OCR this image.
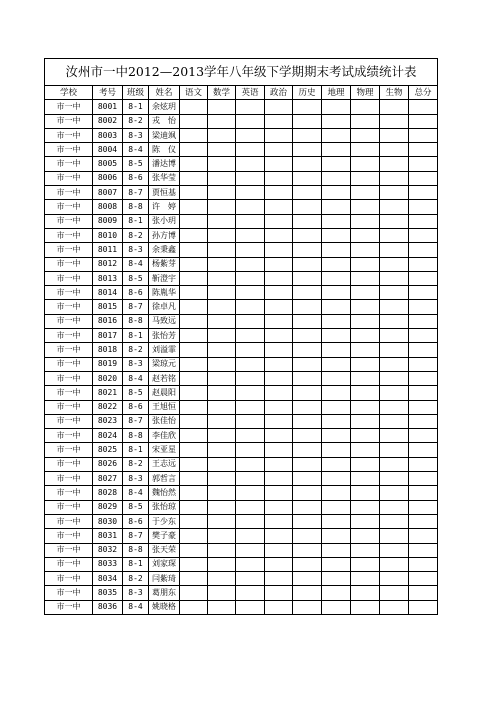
汝州市一中2012—2013学年八年级下学期期末考试成绩统计表												
学校	考号	班级	姓名	语文	数学	英语	政治	历史	地理	物理	生物	总分
市一中	8001	8-1	余炫玥									
市一中	8002	8-2	戎　怡									
市一中	8003	8-3	梁迪飒									
市一中	8004	8-4	陈　仪									
市一中	8005	8-5	潘达博									
市一中	8006	8-6	张华莹									
市一中	8007	8-7	贾恒基									
市一中	8008	8-8	许　婷									
市一中	8009	8-1	张小玥									
市一中	8010	8-2	孙方博									
市一中	8011	8-3	余秉鑫									
市一中	8012	8-4	杨紫芽									
市一中	8013	8-5	靳澄宇									
市一中	8014	8-6	陈胤华									
市一中	8015	8-7	徐卓凡									
市一中	8016	8-8	马致远									
市一中	8017	8-1	张怡芳									
市一中	8018	8-2	刘溢霏									
市一中	8019	8-3	梁琼元									
市一中	8020	8-4	赵若铭									
市一中	8021	8-5	赵晨阳									
市一中	8022	8-6	王旭恒									
市一中	8023	8-7	张佳怡									
市一中	8024	8-8	李佳欣									
市一中	8025	8-1	宋亚星									
市一中	8026	8-2	王志远									
市一中	8027	8-3	郭哲言									
市一中	8028	8-4	魏怡然									
市一中	8029	8-5	张怡琼									
市一中	8030	8-6	于少东									
市一中	8031	8-7	樊子豪									
市一中	8032	8-8	张天荣									
市一中	8033	8-1	刘家琛									
市一中	8034	8-2	闫紫琦									
市一中	8035	8-3	葛朋东									
市一中	8036	8-4	姚晓格									
